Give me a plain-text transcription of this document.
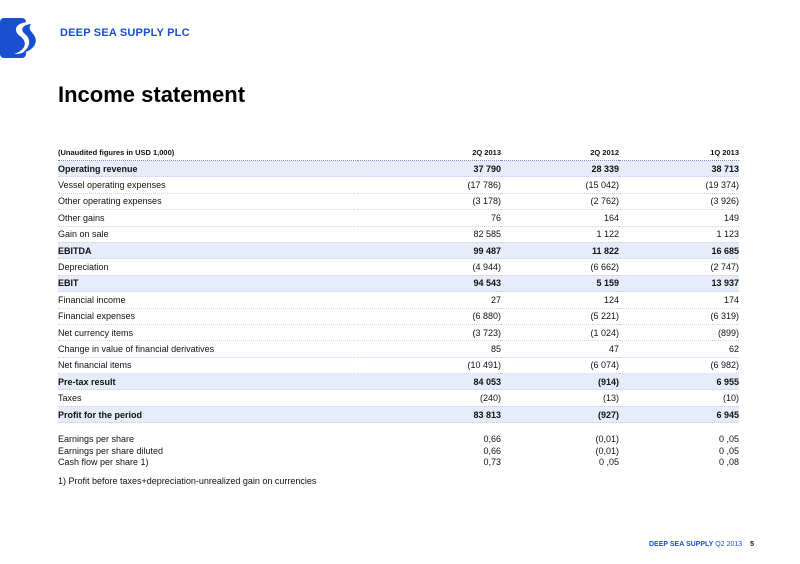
DEEP SEA SUPPLY PLC
Income statement
(Unaudited figures in USD 1,000)	2Q 2013	2Q 2012	1Q 2013
Operating revenue	37 790	28 339	38 713
Vessel operating expenses	(17 786)	(15 042)	(19 374)
Other operating expenses	(3 178)	(2 762)	(3 926)
Other gains	76	164	149
Gain on sale	82 585	1 122	1 123
EBITDA	99 487	11 822	16 685
Depreciation	(4 944)	(6 662)	(2 747)
EBIT	94 543	5 159	13 937
Financial income	27	124	174
Financial expenses	(6 880)	(5 221)	(6 319)
Net currency items	(3 723)	(1 024)	(899)
Change in value of financial derivatives	85	47	62
Net financial items	(10 491)	(6 074)	(6 982)
Pre-tax result	84 053	(914)	6 955
Taxes	(240)	(13)	(10)
Profit for the period	83 813	(927)	6 945

Earnings per share	0,66	(0,01)	0 ,05
Earnings per share diluted	0,66	(0,01)	0 ,05
Cash flow per share 1)	0,73	0 ,05	0 ,08
1) Profit before taxes+depreciation-unrealized gain on currencies			
DEEP SEA SUPPLY Q2 2013 5
